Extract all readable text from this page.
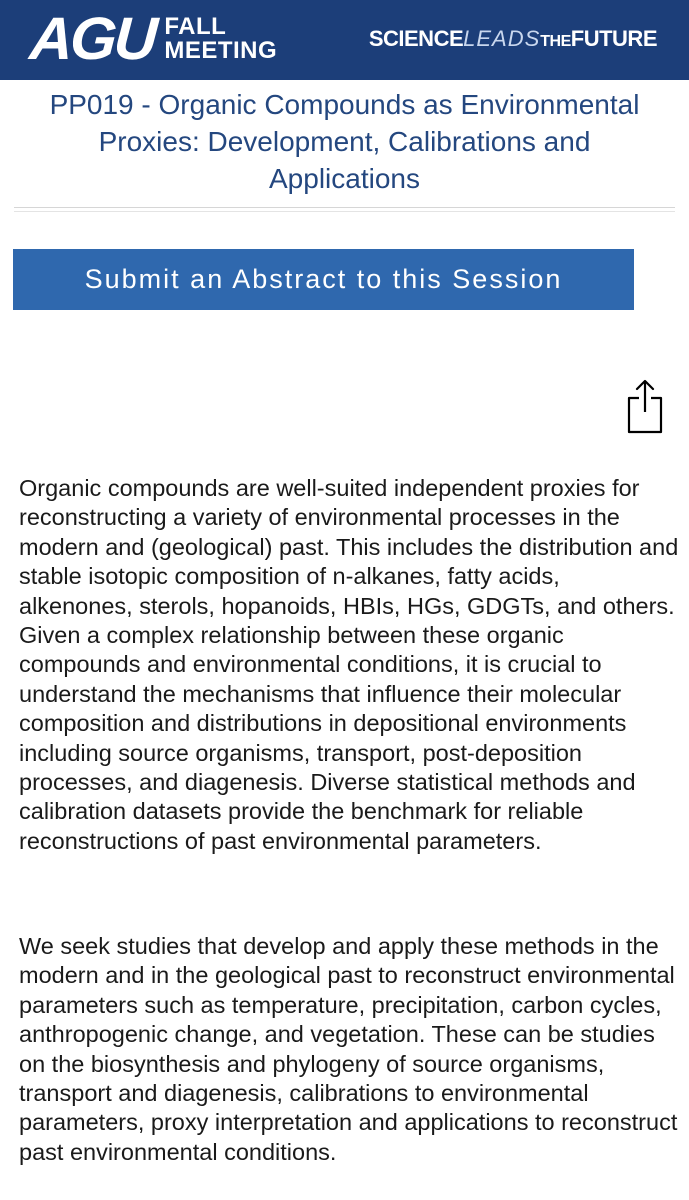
AGU FALL
MEETING	SCIENCELEADSTHEFUTURE
PP019 - Organic Compounds as Environmental Proxies: Development, Calibrations and Applications
Submit an Abstract to this Session

Organic compounds are well-suited independent proxies for reconstructing a variety of environmental processes in the modern and (geological) past. This includes the distribution and stable isotopic composition of n-alkanes, fatty acids, alkenones, sterols, hopanoids, HBIs, HGs, GDGTs, and others. Given a complex relationship between these organic compounds and environmental conditions, it is crucial to understand the mechanisms that influence their molecular composition and distributions in depositional environments including source organisms, transport, post-deposition processes, and diagenesis. Diverse statistical methods and calibration datasets provide the benchmark for reliable reconstructions of past environmental parameters.

We seek studies that develop and apply these methods in the modern and in the geological past to reconstruct environmental parameters such as temperature, precipitation, carbon cycles, anthropogenic change, and vegetation. These can be studies on the biosynthesis and phylogeny of source organisms, transport and diagenesis, calibrations to environmental parameters, proxy interpretation and applications to reconstruct past environmental conditions.
